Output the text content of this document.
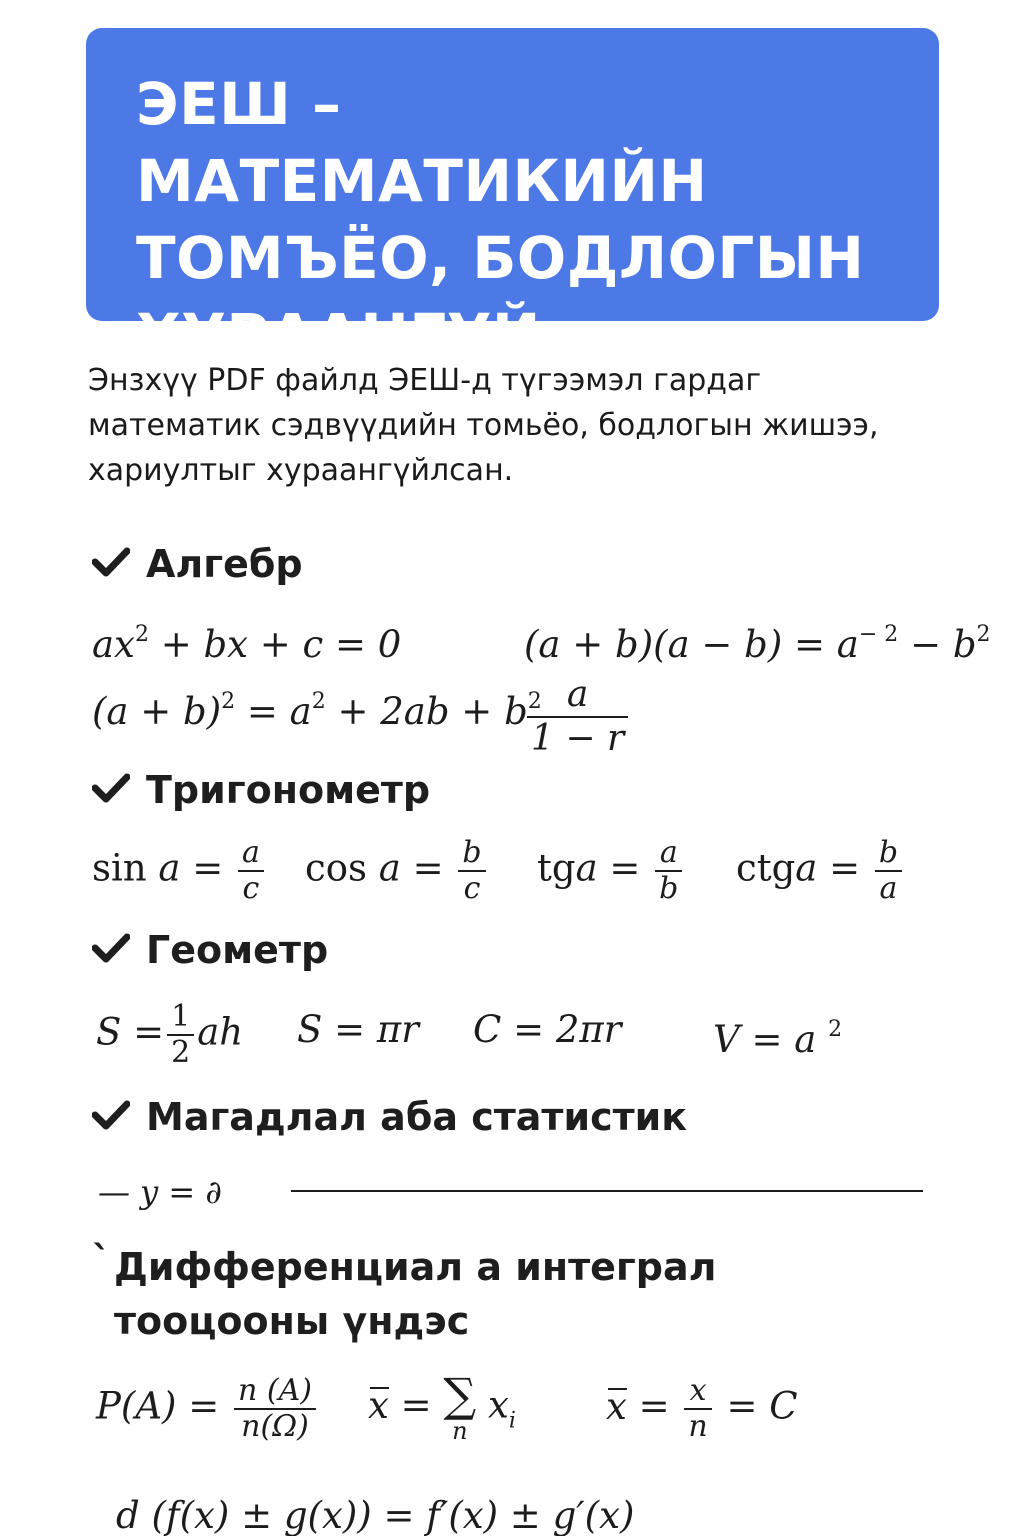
ЭЕШ – МАТЕМАТИКИЙН
ТОМЪЁО, БОДЛОГЫН
ХУРААНГУЙ

Энзхүү PDF файлд ЭЕШ-д түгээмэл гардаг математик сэдвүүдийн томьёо, бодлогын жишээ, хариултыг хураангүйлсан.

Алгебр
$ax^2$ + bx + c = 0	$(a + b)(a - b) = a^{- 2} - b^2$
$(a + b)^2 = a^2 + 2ab + b^2$
$\frac{a}{1 - r}$
Тригонометр
$\sin a = \frac{a}{c}$ $\cos a = \frac{b}{c}$ tga = $\frac{a}{b}$ ctga = $\frac{b}{a}$
Геометр
$S = \frac{1}{2}$ ah S = πr C = 2πr V = a $^2$
Магадлал аба статистик
— y = ∂
` Дифференциал а интеграл тооцооны үндэс
$P(A) = \frac{n (A)}{n(\Omega)}$ x = ∑
n
$x_i$ $x = \frac{x}{n} = C$
d (f(x) ± g(x)) = f′(x) ± g′(x)
